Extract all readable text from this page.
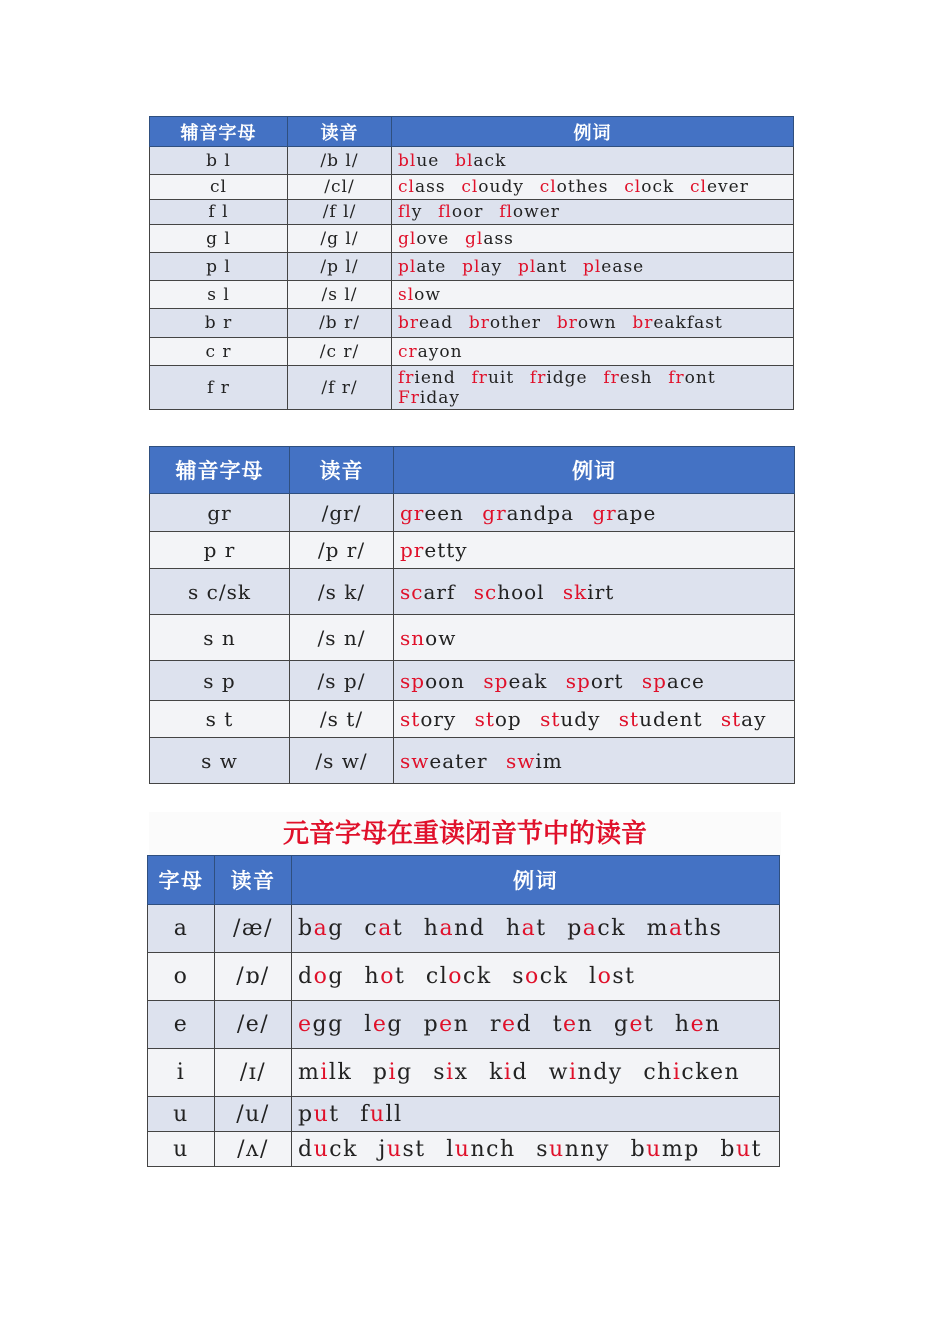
辅音字母	读音	例词
b l	/b l/	blue black
cl	/cl/	class cloudy clothes clock clever
f l	/f l/	fly floor flower
g l	/g l/	glove glass
p l	/p l/	plate play plant please
s l	/s l/	slow
b r	/b r/	bread brother brown breakfast
c r	/c r/	crayon
f r	/f r/	friend fruit fridge fresh front Friday
辅音字母	读音	例词
gr	/gr/	green grandpa grape
p r	/p r/	pretty
s c/sk	/s k/	scarf school skirt
s n	/s n/	snow
s p	/s p/	spoon speak sport space
s t	/s t/	story stop study student stay
s w	/s w/	sweater swim
元音字母在重读闭音节中的读音
字母	读音	例词
a	/æ/	bag cat hand hat pack maths
o	/ɒ/	dog hot clock sock lost
e	/e/	egg leg pen red ten get hen
i	/ɪ/	milk pig six kid windy chicken
u	/u/	put full
u	/ʌ/	duck just lunch sunny bump but
